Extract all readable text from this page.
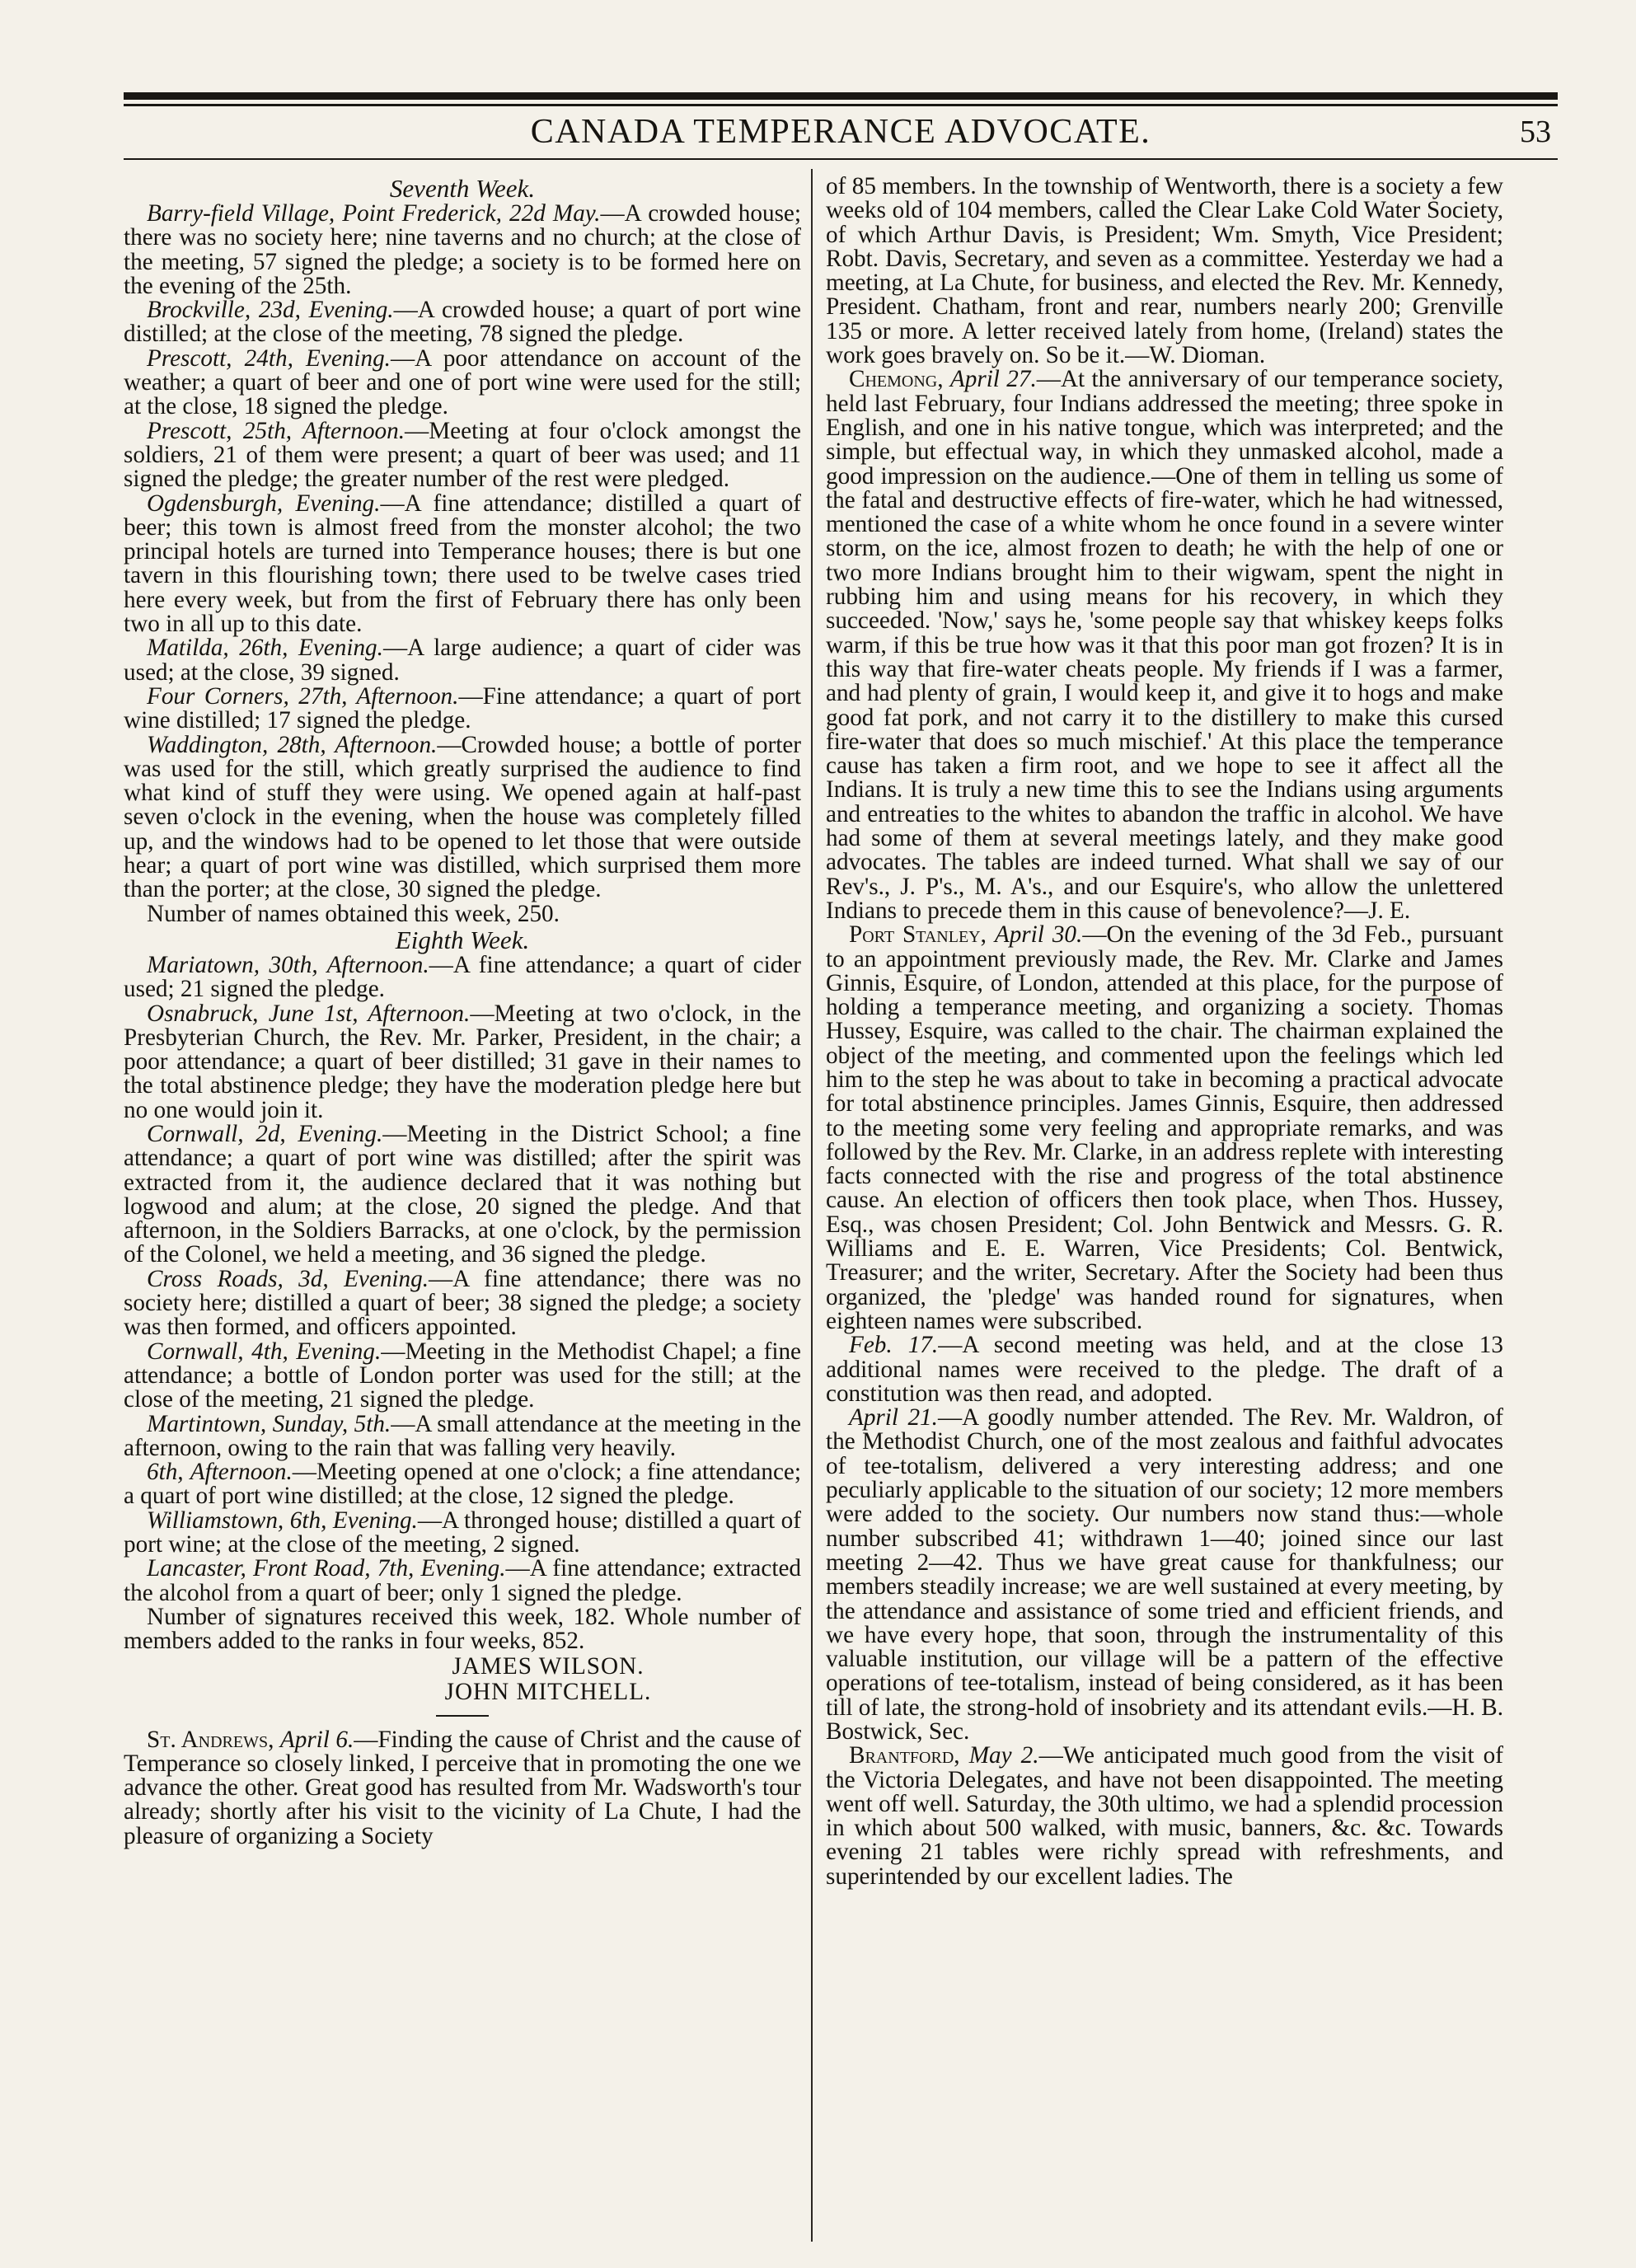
CANADA TEMPERANCE ADVOCATE.	53
Seventh Week.

Barry-field Village, Point Frederick, 22d May.—A crowded house; there was no society here; nine taverns and no church; at the close of the meeting, 57 signed the pledge; a society is to be formed here on the evening of the 25th.

Brockville, 23d, Evening.—A crowded house; a quart of port wine distilled; at the close of the meeting, 78 signed the pledge.

Prescott, 24th, Evening.—A poor attendance on account of the weather; a quart of beer and one of port wine were used for the still; at the close, 18 signed the pledge.

Prescott, 25th, Afternoon.—Meeting at four o'clock amongst the soldiers, 21 of them were present; a quart of beer was used; and 11 signed the pledge; the greater number of the rest were pledged.

Ogdensburgh, Evening.—A fine attendance; distilled a quart of beer; this town is almost freed from the monster alcohol; the two principal hotels are turned into Temperance houses; there is but one tavern in this flourishing town; there used to be twelve cases tried here every week, but from the first of February there has only been two in all up to this date.

Matilda, 26th, Evening.—A large audience; a quart of cider was used; at the close, 39 signed.

Four Corners, 27th, Afternoon.—Fine attendance; a quart of port wine distilled; 17 signed the pledge.

Waddington, 28th, Afternoon.—Crowded house; a bottle of porter was used for the still, which greatly surprised the audience to find what kind of stuff they were using. We opened again at half-past seven o'clock in the evening, when the house was completely filled up, and the windows had to be opened to let those that were outside hear; a quart of port wine was distilled, which surprised them more than the porter; at the close, 30 signed the pledge.

Number of names obtained this week, 250.

Eighth Week.

Mariatown, 30th, Afternoon.—A fine attendance; a quart of cider used; 21 signed the pledge.

Osnabruck, June 1st, Afternoon.—Meeting at two o'clock, in the Presbyterian Church, the Rev. Mr. Parker, President, in the chair; a poor attendance; a quart of beer distilled; 31 gave in their names to the total abstinence pledge; they have the moderation pledge here but no one would join it.

Cornwall, 2d, Evening.—Meeting in the District School; a fine attendance; a quart of port wine was distilled; after the spirit was extracted from it, the audience declared that it was nothing but logwood and alum; at the close, 20 signed the pledge. And that afternoon, in the Soldiers Barracks, at one o'clock, by the permission of the Colonel, we held a meeting, and 36 signed the pledge.

Cross Roads, 3d, Evening.—A fine attendance; there was no society here; distilled a quart of beer; 38 signed the pledge; a society was then formed, and officers appointed.

Cornwall, 4th, Evening.—Meeting in the Methodist Chapel; a fine attendance; a bottle of London porter was used for the still; at the close of the meeting, 21 signed the pledge.

Martintown, Sunday, 5th.—A small attendance at the meeting in the afternoon, owing to the rain that was falling very heavily.

6th, Afternoon.—Meeting opened at one o'clock; a fine attendance; a quart of port wine distilled; at the close, 12 signed the pledge.

Williamstown, 6th, Evening.—A thronged house; distilled a quart of port wine; at the close of the meeting, 2 signed.

Lancaster, Front Road, 7th, Evening.—A fine attendance; extracted the alcohol from a quart of beer; only 1 signed the pledge.

Number of signatures received this week, 182. Whole number of members added to the ranks in four weeks, 852.

JAMES WILSON.

JOHN MITCHELL.

St. Andrews, April 6.—Finding the cause of Christ and the cause of Temperance so closely linked, I perceive that in promoting the one we advance the other. Great good has resulted from Mr. Wadsworth's tour already; shortly after his visit to the vicinity of La Chute, I had the pleasure of organizing a Society

of 85 members. In the township of Wentworth, there is a society a few weeks old of 104 members, called the Clear Lake Cold Water Society, of which Arthur Davis, is President; Wm. Smyth, Vice President; Robt. Davis, Secretary, and seven as a committee. Yesterday we had a meeting, at La Chute, for business, and elected the Rev. Mr. Kennedy, President. Chatham, front and rear, numbers nearly 200; Grenville 135 or more. A letter received lately from home, (Ireland) states the work goes bravely on. So be it.—W. Dioman.

Chemong, April 27.—At the anniversary of our temperance society, held last February, four Indians addressed the meeting; three spoke in English, and one in his native tongue, which was interpreted; and the simple, but effectual way, in which they unmasked alcohol, made a good impression on the audience.—One of them in telling us some of the fatal and destructive effects of fire-water, which he had witnessed, mentioned the case of a white whom he once found in a severe winter storm, on the ice, almost frozen to death; he with the help of one or two more Indians brought him to their wigwam, spent the night in rubbing him and using means for his recovery, in which they succeeded. 'Now,' says he, 'some people say that whiskey keeps folks warm, if this be true how was it that this poor man got frozen? It is in this way that fire-water cheats people. My friends if I was a farmer, and had plenty of grain, I would keep it, and give it to hogs and make good fat pork, and not carry it to the distillery to make this cursed fire-water that does so much mischief.' At this place the temperance cause has taken a firm root, and we hope to see it affect all the Indians. It is truly a new time this to see the Indians using arguments and entreaties to the whites to abandon the traffic in alcohol. We have had some of them at several meetings lately, and they make good advocates. The tables are indeed turned. What shall we say of our Rev's., J. P's., M. A's., and our Esquire's, who allow the unlettered Indians to precede them in this cause of benevolence?—J. E.

Port Stanley, April 30.—On the evening of the 3d Feb., pursuant to an appointment previously made, the Rev. Mr. Clarke and James Ginnis, Esquire, of London, attended at this place, for the purpose of holding a temperance meeting, and organizing a society. Thomas Hussey, Esquire, was called to the chair. The chairman explained the object of the meeting, and commented upon the feelings which led him to the step he was about to take in becoming a practical advocate for total abstinence principles. James Ginnis, Esquire, then addressed to the meeting some very feeling and appropriate remarks, and was followed by the Rev. Mr. Clarke, in an address replete with interesting facts connected with the rise and progress of the total abstinence cause. An election of officers then took place, when Thos. Hussey, Esq., was chosen President; Col. John Bentwick and Messrs. G. R. Williams and E. E. Warren, Vice Presidents; Col. Bentwick, Treasurer; and the writer, Secretary. After the Society had been thus organized, the 'pledge' was handed round for signatures, when eighteen names were subscribed.

Feb. 17.—A second meeting was held, and at the close 13 additional names were received to the pledge. The draft of a constitution was then read, and adopted.

April 21.—A goodly number attended. The Rev. Mr. Waldron, of the Methodist Church, one of the most zealous and faithful advocates of tee-totalism, delivered a very interesting address; and one peculiarly applicable to the situation of our society; 12 more members were added to the society. Our numbers now stand thus:—whole number subscribed 41; withdrawn 1—40; joined since our last meeting 2—42. Thus we have great cause for thankfulness; our members steadily increase; we are well sustained at every meeting, by the attendance and assistance of some tried and efficient friends, and we have every hope, that soon, through the instrumentality of this valuable institution, our village will be a pattern of the effective operations of tee-totalism, instead of being considered, as it has been till of late, the strong-hold of insobriety and its attendant evils.—H. B. Bostwick, Sec.

Brantford, May 2.—We anticipated much good from the visit of the Victoria Delegates, and have not been disappointed. The meeting went off well. Saturday, the 30th ultimo, we had a splendid procession in which about 500 walked, with music, banners, &c. &c. Towards evening 21 tables were richly spread with refreshments, and superintended by our excellent ladies. The
